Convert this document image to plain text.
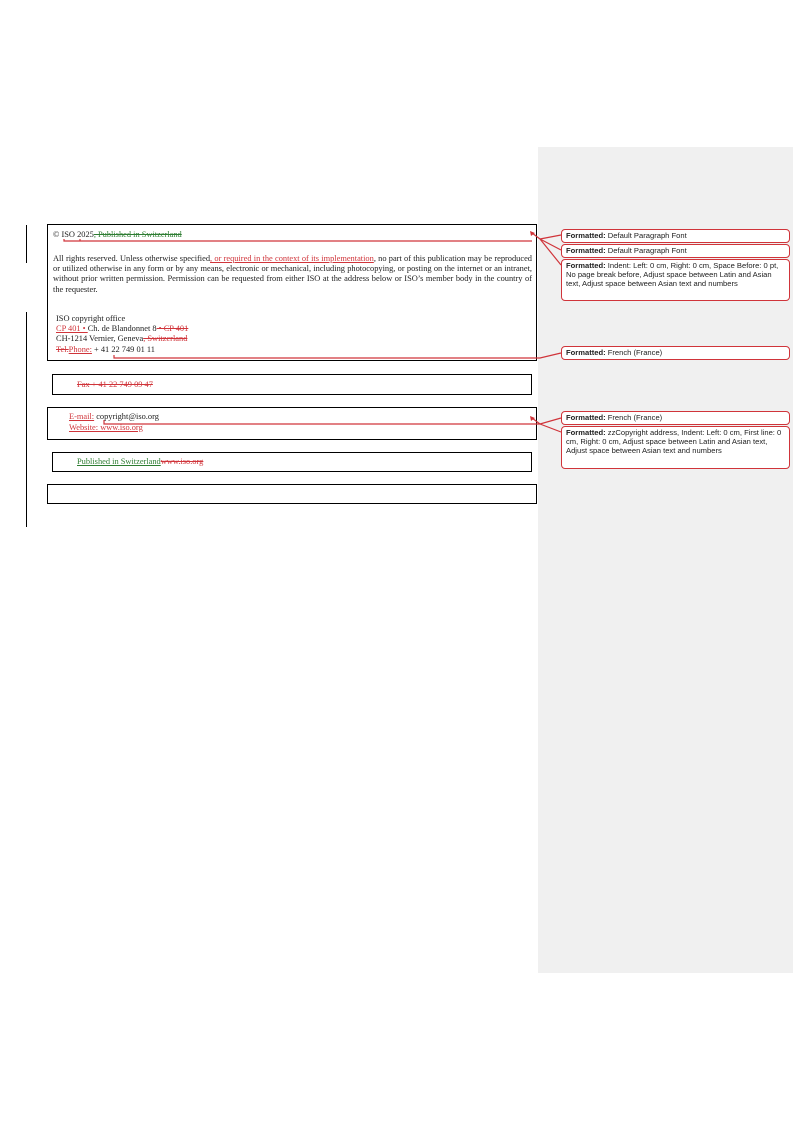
© ISO 2025, Published in Switzerland
All rights reserved. Unless otherwise specified, or required in the context of its implementation, no part of this publication may be reproduced or utilized otherwise in any form or by any means, electronic or mechanical, including photocopying, or posting on the internet or an intranet, without prior written permission. Permission can be requested from either ISO at the address below or ISO’s member body in the country of the requester.
ISO copyright office
CP 401 • Ch. de Blandonnet 8 • CP 401
CH-1214 Vernier, Geneva, Switzerland
Tel.Phone: + 41 22 749 01 11
Fax + 41 22 749 09 47
E-mail: copyright@iso.org
Website: www.iso.org
Published in Switzerlandwww.iso.org
Formatted: Default Paragraph Font
Formatted: Default Paragraph Font
Formatted: Indent: Left: 0 cm, Right: 0 cm, Space Before: 0 pt, No page break before, Adjust space between Latin and Asian text, Adjust space between Asian text and numbers
Formatted: French (France)
Formatted: French (France)
Formatted: zzCopyright address, Indent: Left: 0 cm, First line: 0 cm, Right: 0 cm, Adjust space between Latin and Asian text, Adjust space between Asian text and numbers
